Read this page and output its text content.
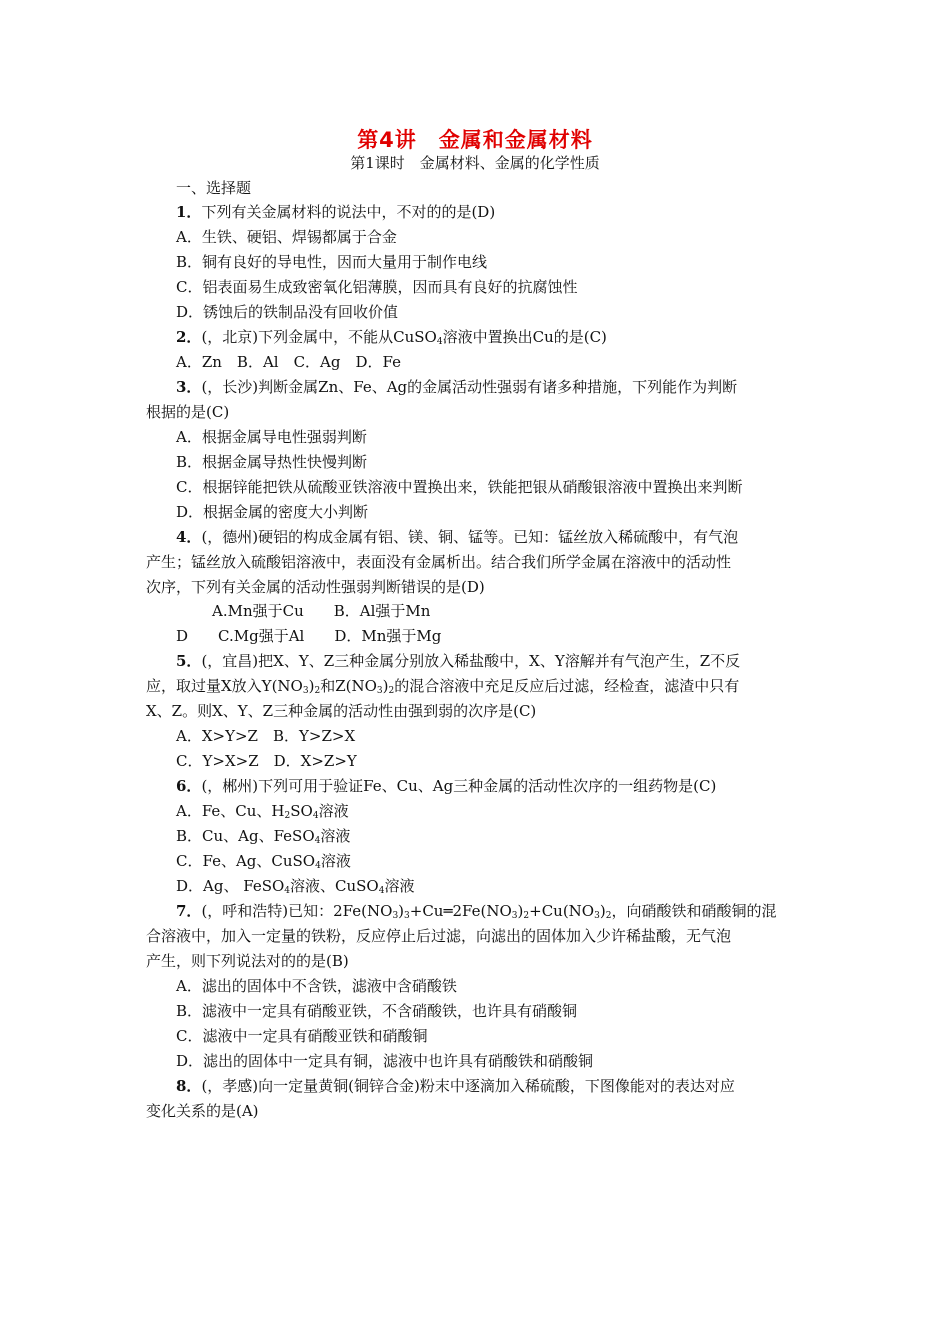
第4讲　金属和金属材料
第1课时　金属材料、金属的化学性质
一、选择题
1．下列有关金属材料的说法中，不对的的是(D)
A．生铁、硬铝、焊锡都属于合金
B．铜有良好的导电性，因而大量用于制作电线
C．铝表面易生成致密氧化铝薄膜，因而具有良好的抗腐蚀性
D．锈蚀后的铁制品没有回收价值
2．(，北京)下列金属中，不能从CuSO$_4$溶液中置换出Cu的是(C)
A．Zn　B．Al　C．Ag　D．Fe
3．(，长沙)判断金属Zn、Fe、Ag的金属活动性强弱有诸多种措施，下列能作为判断
根据的是(C)
A．根据金属导电性强弱判断
B．根据金属导热性快慢判断
C．根据锌能把铁从硫酸亚铁溶液中置换出来，铁能把银从硝酸银溶液中置换出来判断
D．根据金属的密度大小判断
4．(，德州)硬铝的构成金属有铝、镁、铜、锰等。已知：锰丝放入稀硫酸中，有气泡
产生；锰丝放入硫酸铝溶液中，表面没有金属析出。结合我们所学金属在溶液中的活动性
次序，下列有关金属的活动性强弱判断错误的是(D)
A.Mn强于Cu　　B．Al强于Mn
D　　C.Mg强于Al　　D．Mn强于Mg
5．(，宜昌)把X、Y、Z三种金属分别放入稀盐酸中，X、Y溶解并有气泡产生，Z不反
应，取过量X放入$Y(NO_3)_2$和$Z(NO_3)_2$的混合溶液中充足反应后过滤，经检查，滤渣中只有
X、Z。则X、Y、Z三种金属的活动性由强到弱的次序是(C)
A．X>Y>Z　B．Y>Z>X
C．Y>X>Z　D．X>Z>Y
6．(，郴州)下列可用于验证Fe、Cu、Ag三种金属的活动性次序的一组药物是(C)
A．Fe、Cu、$H_2SO_4$溶液
B．Cu、Ag、FeSO$_4$溶液
C．Fe、Ag、CuSO$_4$溶液
D．Ag、 FeSO$_4$溶液、CuSO$_4$溶液
7．(，呼和浩特)已知：$2Fe(NO_3)_3+Cu═2Fe(NO_3)_2+Cu(NO_3)_2$，向硝酸铁和硝酸铜的混
合溶液中，加入一定量的铁粉，反应停止后过滤，向滤出的固体加入少许稀盐酸，无气泡
产生，则下列说法对的的是(B)
A．滤出的固体中不含铁，滤液中含硝酸铁
B．滤液中一定具有硝酸亚铁，不含硝酸铁，也许具有硝酸铜
C．滤液中一定具有硝酸亚铁和硝酸铜
D．滤出的固体中一定具有铜，滤液中也许具有硝酸铁和硝酸铜
8．(，孝感)向一定量黄铜(铜锌合金)粉末中逐滴加入稀硫酸，下图像能对的表达对应
变化关系的是(A)
